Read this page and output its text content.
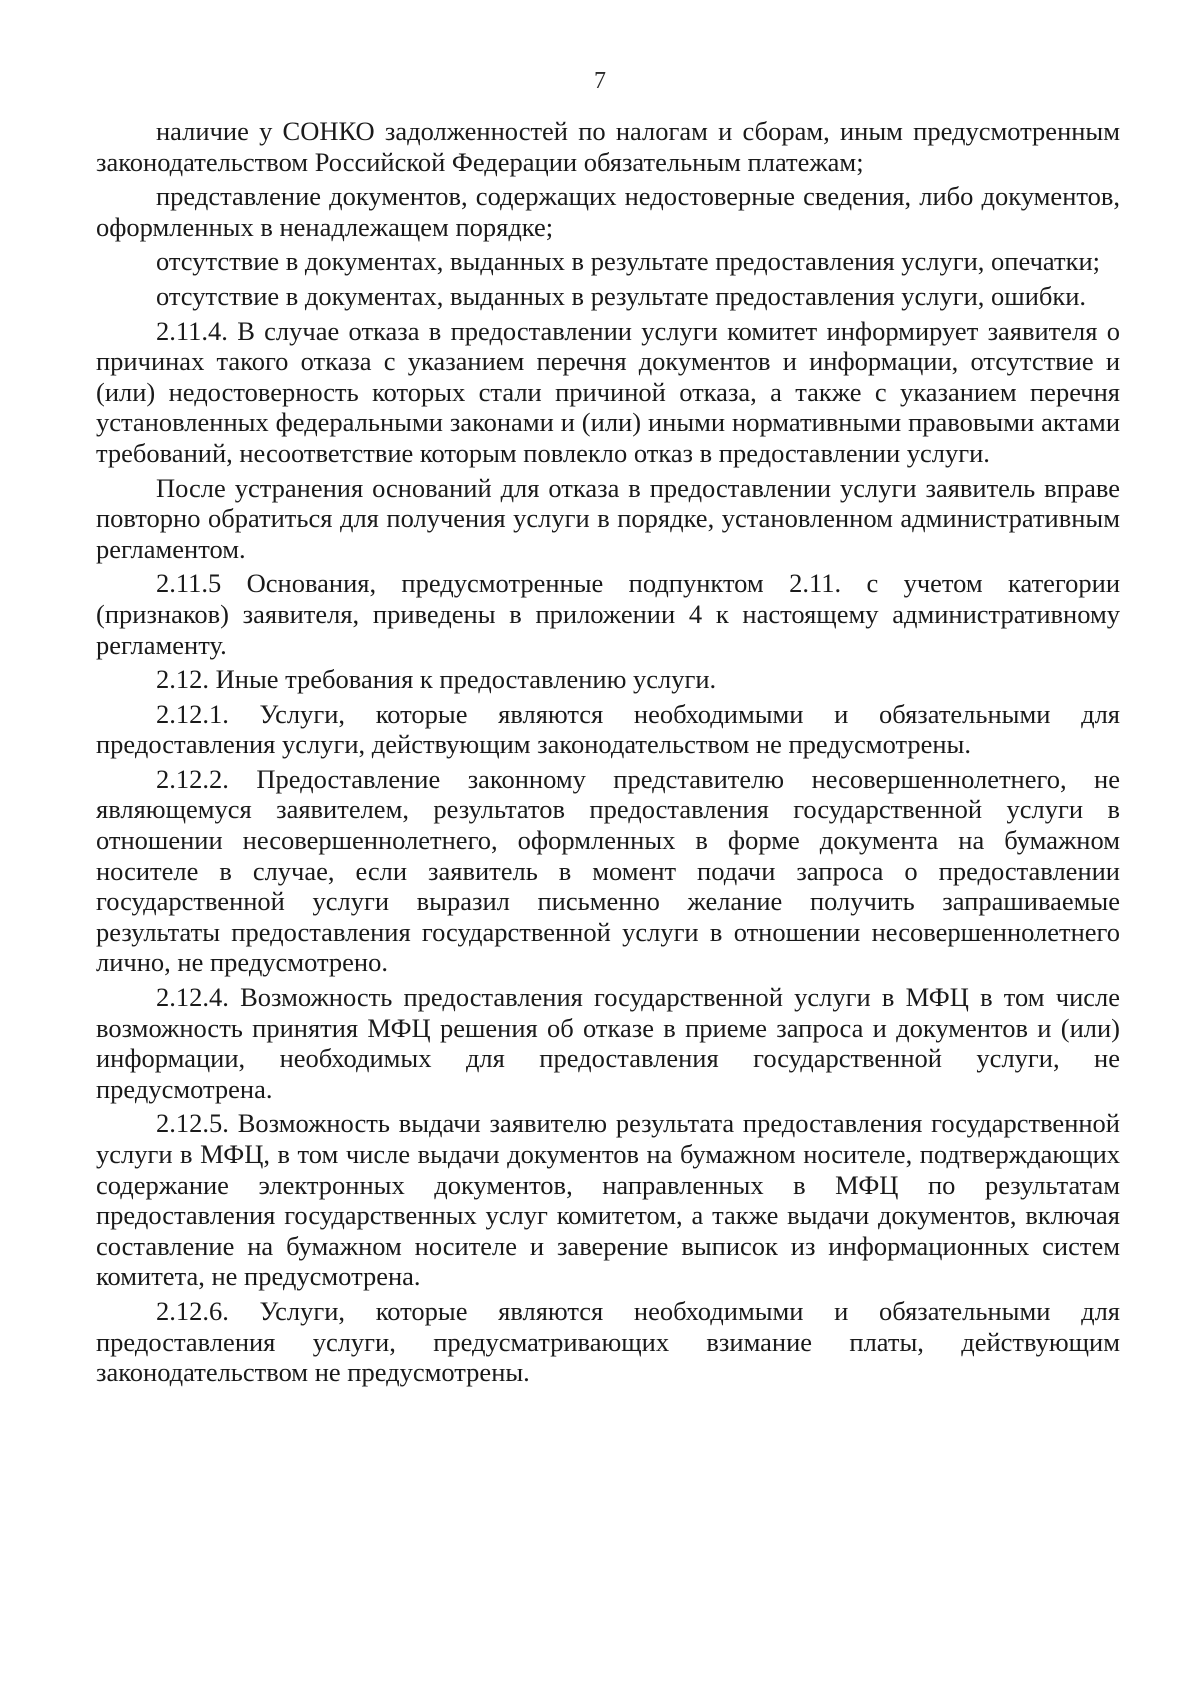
7

наличие у СОНКО задолженностей по налогам и сборам, иным предусмотренным законодательством Российской Федерации обязательным платежам;

представление документов, содержащих недостоверные сведения, либо документов, оформленных в ненадлежащем порядке;

отсутствие в документах, выданных в результате предоставления услуги, опечатки;

отсутствие в документах, выданных в результате предоставления услуги, ошибки.

2.11.4. В случае отказа в предоставлении услуги комитет информирует заявителя о причинах такого отказа с указанием перечня документов и информации, отсутствие и (или) недостоверность которых стали причиной отказа, а также с указанием перечня установленных федеральными законами и (или) иными нормативными правовыми актами требований, несоответствие которым повлекло отказ в предоставлении услуги.

После устранения оснований для отказа в предоставлении услуги заявитель вправе повторно обратиться для получения услуги в порядке, установленном административным регламентом.

2.11.5 Основания, предусмотренные подпунктом 2.11. с учетом категории (признаков) заявителя, приведены в приложении 4 к настоящему административному регламенту.

2.12. Иные требования к предоставлению услуги.

2.12.1. Услуги, которые являются необходимыми и обязательными для предоставления услуги, действующим законодательством не предусмотрены.

2.12.2. Предоставление законному представителю несовершеннолетнего, не являющемуся заявителем, результатов предоставления государственной услуги в отношении несовершеннолетнего, оформленных в форме документа на бумажном носителе в случае, если заявитель в момент подачи запроса о предоставлении государственной услуги выразил письменно желание получить запрашиваемые результаты предоставления государственной услуги в отношении несовершеннолетнего лично, не предусмотрено.

2.12.4. Возможность предоставления государственной услуги в МФЦ в том числе возможность принятия МФЦ решения об отказе в приеме запроса и документов и (или) информации, необходимых для предоставления государственной услуги, не предусмотрена.

2.12.5. Возможность выдачи заявителю результата предоставления государственной услуги в МФЦ, в том числе выдачи документов на бумажном носителе, подтверждающих содержание электронных документов, направленных в МФЦ по результатам предоставления государственных услуг комитетом, а также выдачи документов, включая составление на бумажном носителе и заверение выписок из информационных систем комитета, не предусмотрена.

2.12.6. Услуги, которые являются необходимыми и обязательными для предоставления услуги, предусматривающих взимание платы, действующим законодательством не предусмотрены.
